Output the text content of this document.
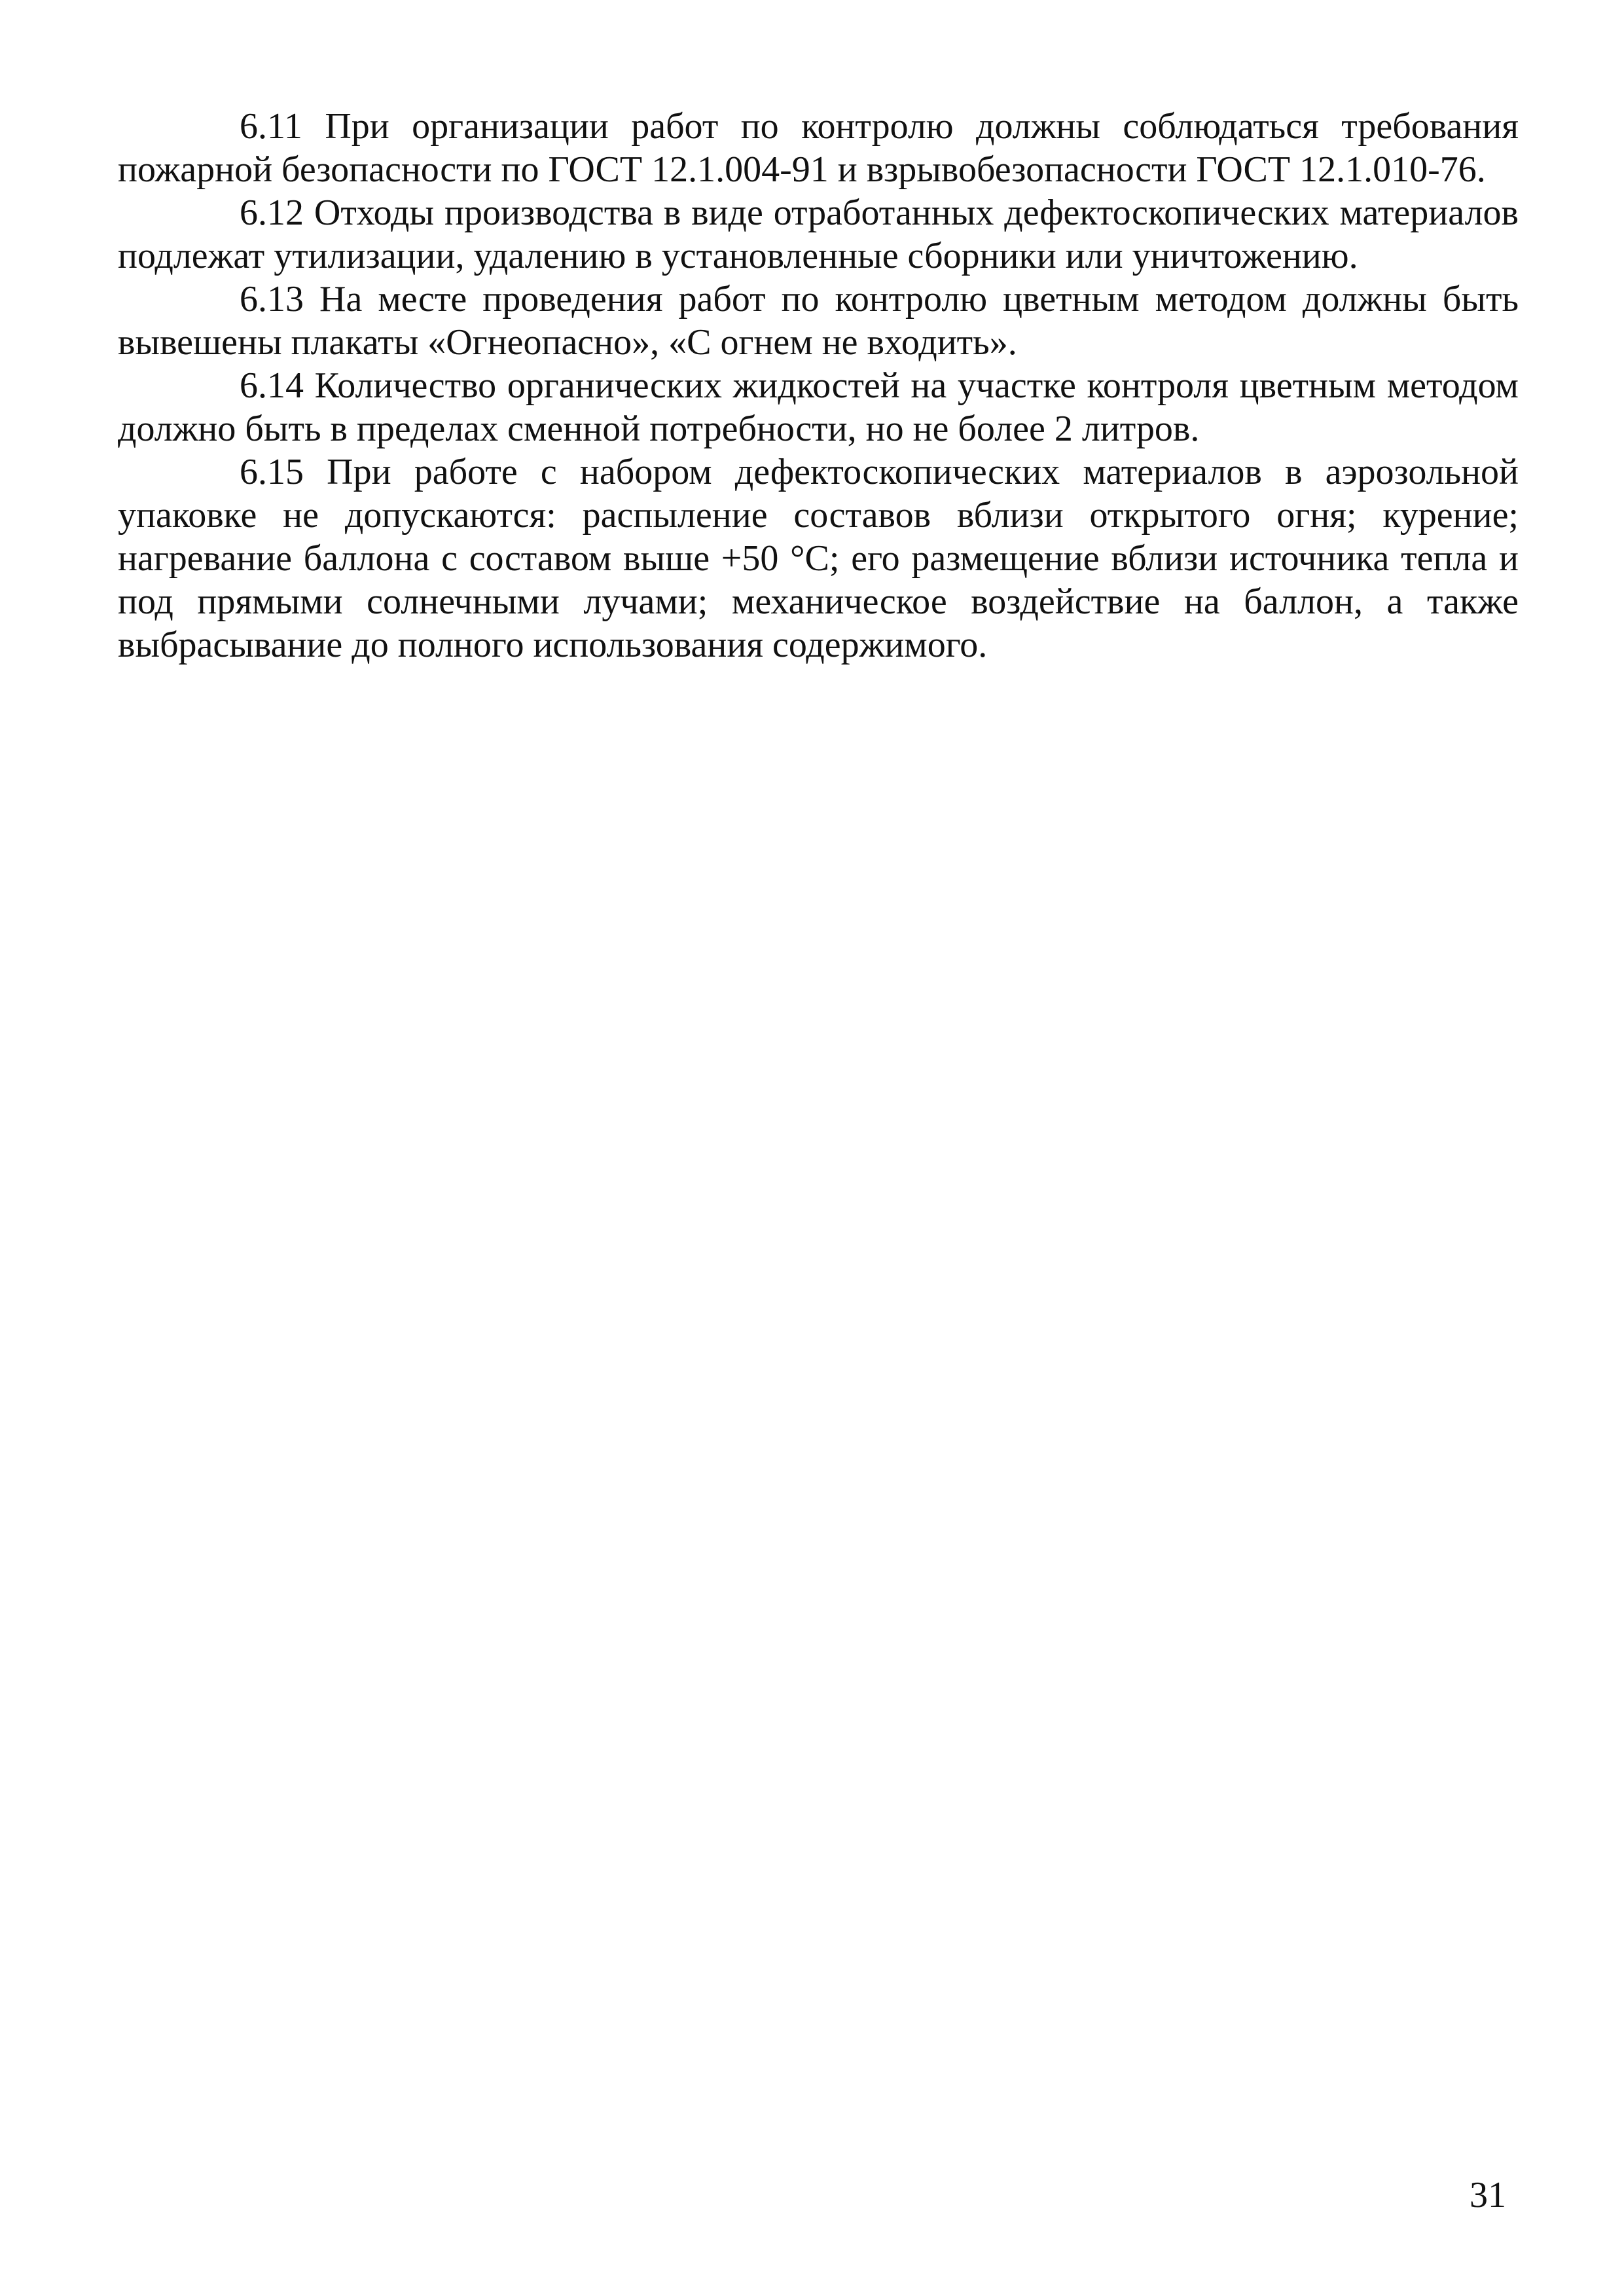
6.11 При организации работ по контролю должны соблюдаться требования пожарной безопасности по ГОСТ 12.1.004-91 и взрывобезопасности ГОСТ 12.1.010-76.

6.12 Отходы производства в виде отработанных дефектоскопических материалов подлежат утилизации, удалению в установленные сборники или уничтожению.

6.13 На месте проведения работ по контролю цветным методом должны быть вывешены плакаты «Огнеопасно», «С огнем не входить».

6.14 Количество органических жидкостей на участке контроля цветным методом должно быть в пределах сменной потребности, но не более 2 литров.

6.15 При работе с набором дефектоскопических материалов в аэрозольной упаковке не допускаются: распыление составов вблизи открытого огня; курение; нагревание баллона с составом выше +50 °С; его размещение вблизи источника тепла и под прямыми солнечными лучами; механическое воздействие на баллон, а также выбрасывание до полного использования содержимого.

31
